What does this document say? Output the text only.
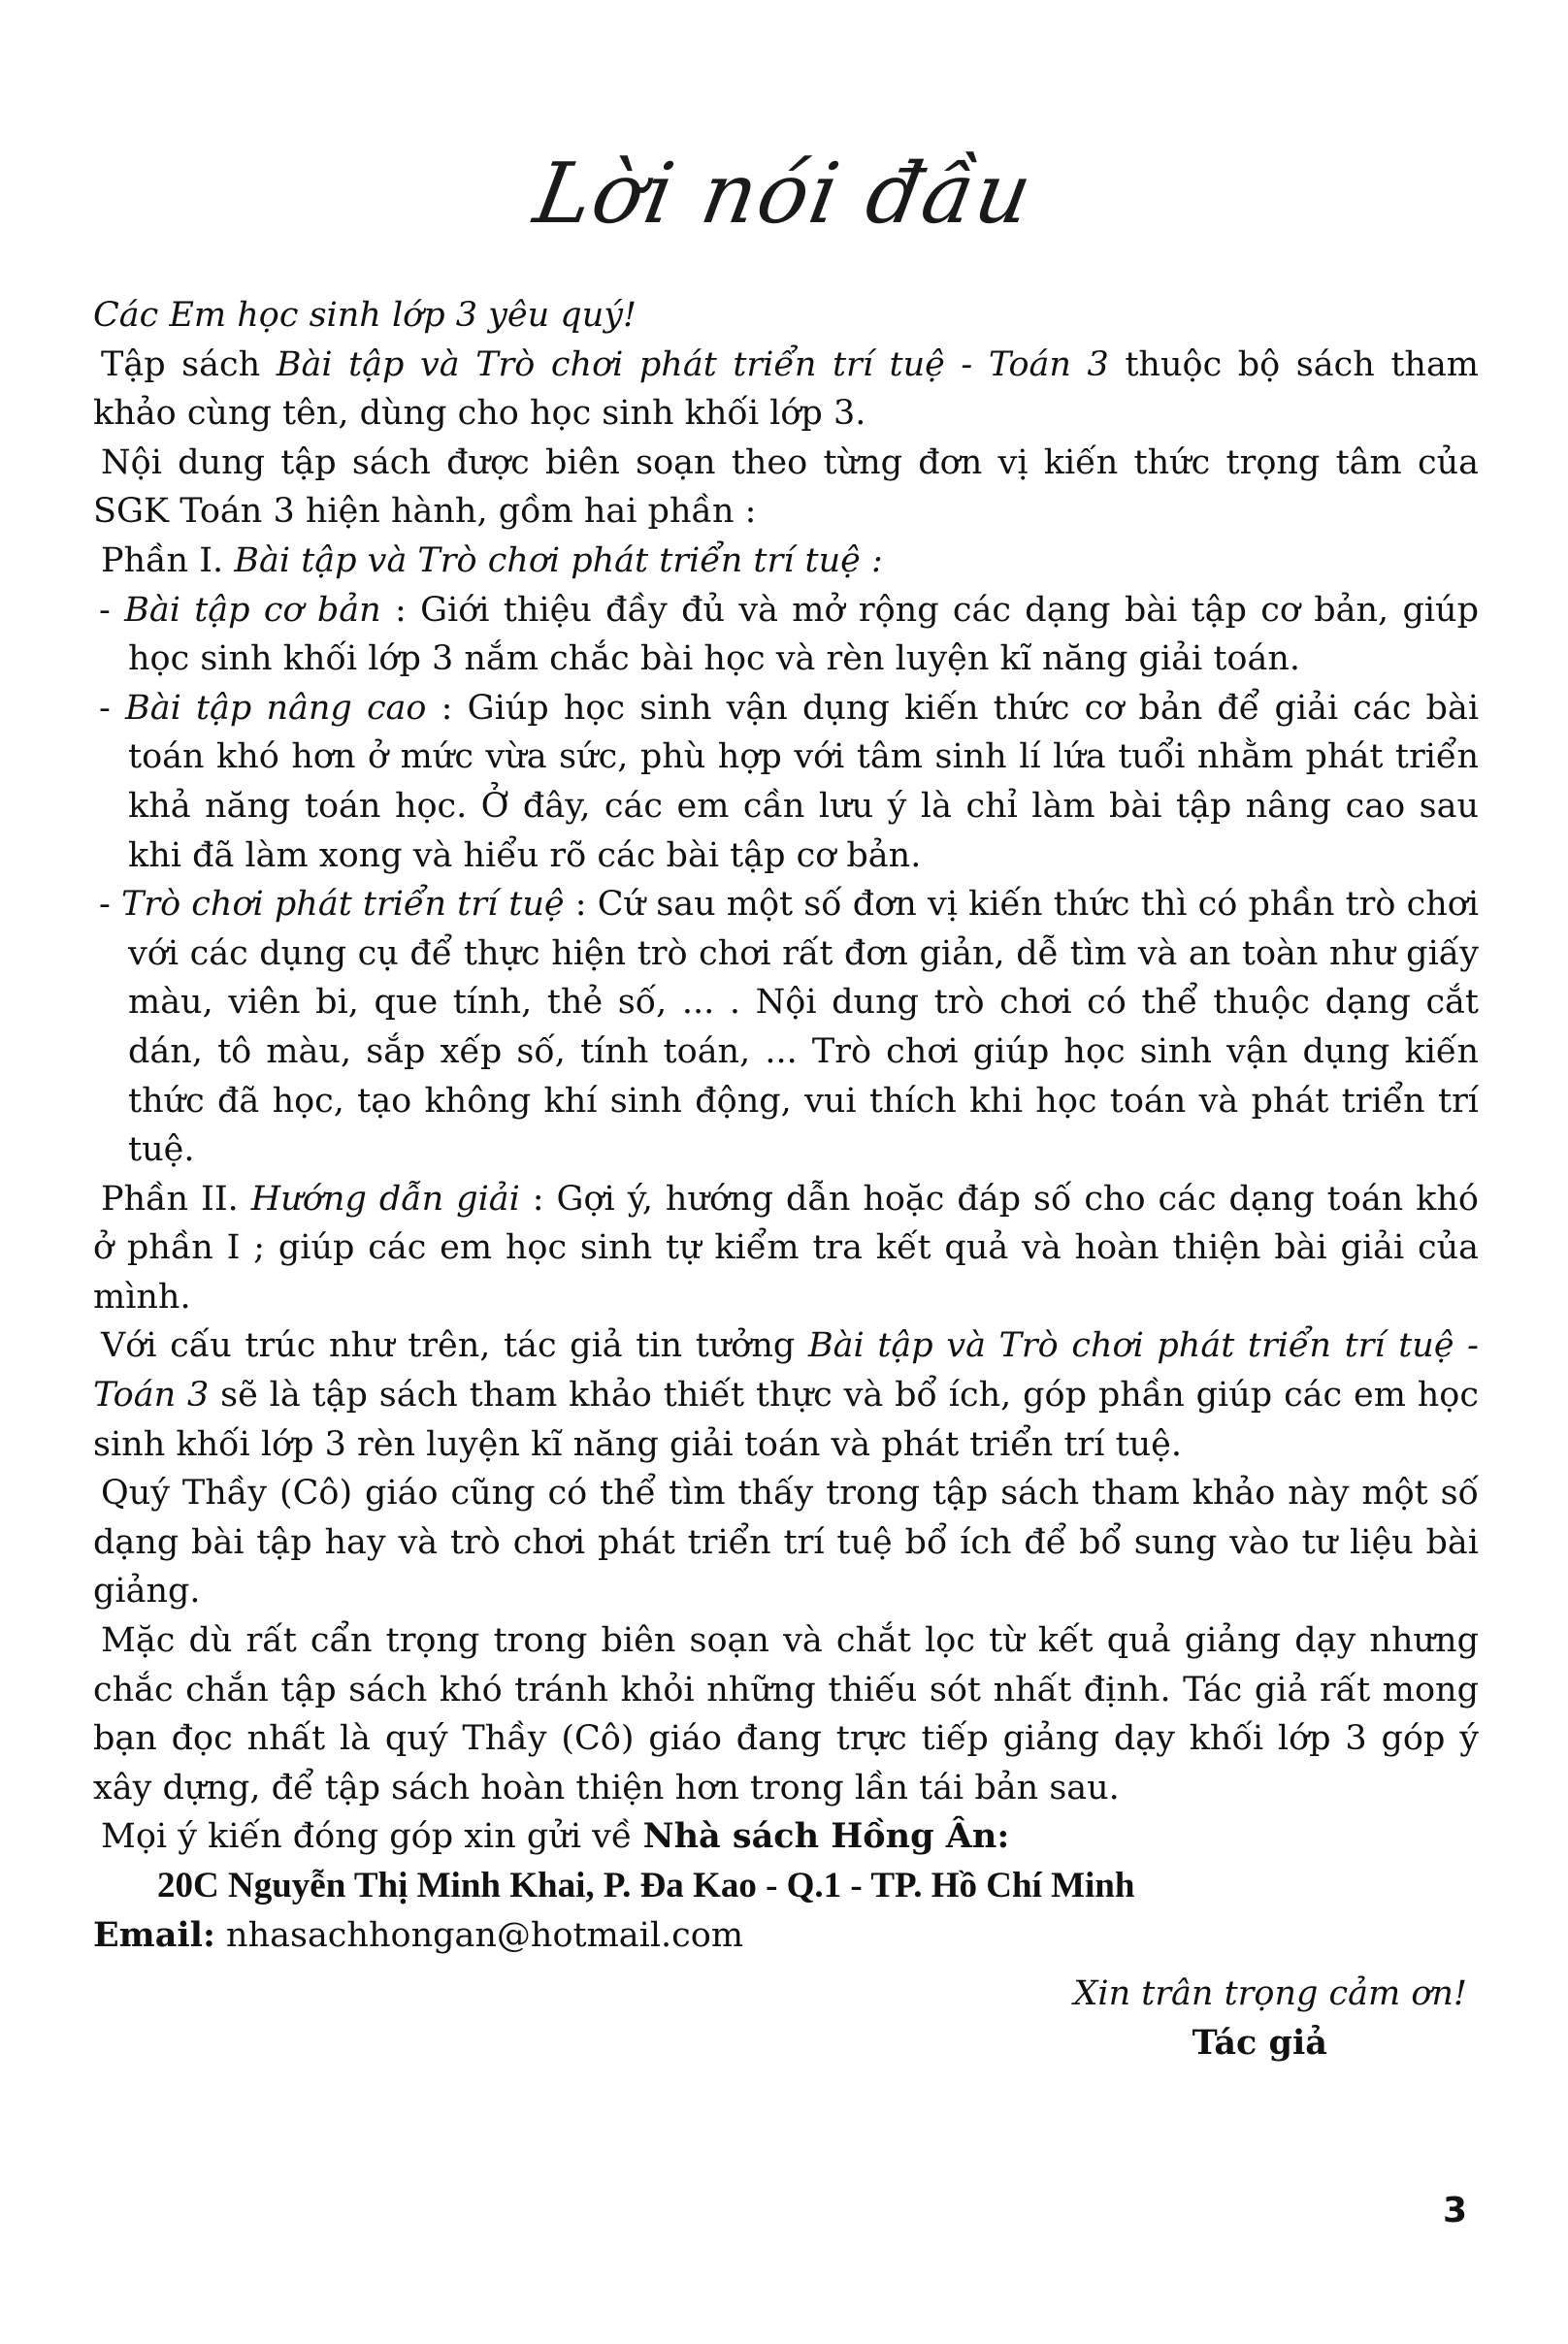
Lời nói đầu

Các Em học sinh lớp 3 yêu quý!

Tập sách Bài tập và Trò chơi phát triển trí tuệ - Toán 3 thuộc bộ sách tham khảo cùng tên, dùng cho học sinh khối lớp 3.

Nội dung tập sách được biên soạn theo từng đơn vị kiến thức trọng tâm của SGK Toán 3 hiện hành, gồm hai phần :

Phần I. Bài tập và Trò chơi phát triển trí tuệ :

- Bài tập cơ bản : Giới thiệu đầy đủ và mở rộng các dạng bài tập cơ bản, giúp học sinh khối lớp 3 nắm chắc bài học và rèn luyện kĩ năng giải toán.

- Bài tập nâng cao : Giúp học sinh vận dụng kiến thức cơ bản để giải các bài toán khó hơn ở mức vừa sức, phù hợp với tâm sinh lí lứa tuổi nhằm phát triển khả năng toán học. Ở đây, các em cần lưu ý là chỉ làm bài tập nâng cao sau khi đã làm xong và hiểu rõ các bài tập cơ bản.

- Trò chơi phát triển trí tuệ : Cứ sau một số đơn vị kiến thức thì có phần trò chơi với các dụng cụ để thực hiện trò chơi rất đơn giản, dễ tìm và an toàn như giấy màu, viên bi, que tính, thẻ số, ... . Nội dung trò chơi có thể thuộc dạng cắt dán, tô màu, sắp xếp số, tính toán, ... Trò chơi giúp học sinh vận dụng kiến thức đã học, tạo không khí sinh động, vui thích khi học toán và phát triển trí tuệ.

Phần II. Hướng dẫn giải : Gợi ý, hướng dẫn hoặc đáp số cho các dạng toán khó ở phần I ; giúp các em học sinh tự kiểm tra kết quả và hoàn thiện bài giải của mình.

Với cấu trúc như trên, tác giả tin tưởng Bài tập và Trò chơi phát triển trí tuệ - Toán 3 sẽ là tập sách tham khảo thiết thực và bổ ích, góp phần giúp các em học sinh khối lớp 3 rèn luyện kĩ năng giải toán và phát triển trí tuệ.

Quý Thầy (Cô) giáo cũng có thể tìm thấy trong tập sách tham khảo này một số dạng bài tập hay và trò chơi phát triển trí tuệ bổ ích để bổ sung vào tư liệu bài giảng.

Mặc dù rất cẩn trọng trong biên soạn và chắt lọc từ kết quả giảng dạy nhưng chắc chắn tập sách khó tránh khỏi những thiếu sót nhất định. Tác giả rất mong bạn đọc nhất là quý Thầy (Cô) giáo đang trực tiếp giảng dạy khối lớp 3 góp ý xây dựng, để tập sách hoàn thiện hơn trong lần tái bản sau.

Mọi ý kiến đóng góp xin gửi về Nhà sách Hồng Ân:

20C Nguyễn Thị Minh Khai, P. Đa Kao - Q.1 - TP. Hồ Chí Minh

Email: nhasachhongan@hotmail.com

Xin trân trọng cảm ơn!

Tác giả

3
